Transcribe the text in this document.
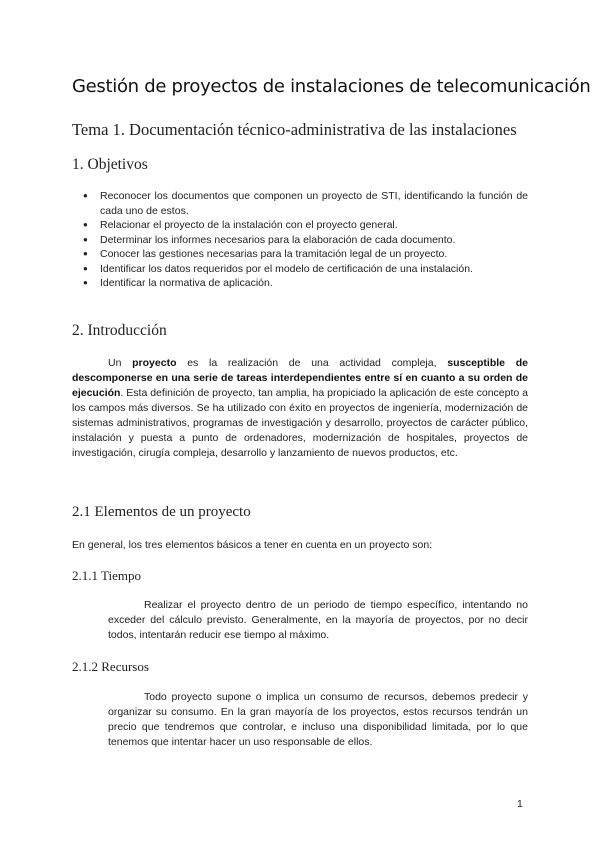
Gestión de proyectos de instalaciones de telecomunicación
Tema 1. Documentación técnico-administrativa de las instalaciones
1. Objetivos
● Reconocer los documentos que componen un proyecto de STI, identificando la función de cada uno de estos.
● Relacionar el proyecto de la instalación con el proyecto general.
● Determinar los informes necesarios para la elaboración de cada documento.
● Conocer las gestiones necesarias para la tramitación legal de un proyecto.
● Identificar los datos requeridos por el modelo de certificación de una instalación.
● Identificar la normativa de aplicación.
2. Introducción

Un proyecto es la realización de una actividad compleja, susceptible de descomponerse en una serie de tareas interdependientes entre sí en cuanto a su orden de ejecución. Esta definición de proyecto, tan amplia, ha propiciado la aplicación de este concepto a los campos más diversos. Se ha utilizado con éxito en proyectos de ingeniería, modernización de sistemas administrativos, programas de investigación y desarrollo, proyectos de carácter público, instalación y puesta a punto de ordenadores, modernización de hospitales, proyectos de investigación, cirugía compleja, desarrollo y lanzamiento de nuevos productos, etc.

2.1 Elementos de un proyecto

En general, los tres elementos básicos a tener en cuenta en un proyecto son:

2.1.1 Tiempo

Realizar el proyecto dentro de un periodo de tiempo específico, intentando no exceder del cálculo previsto. Generalmente, en la mayoría de proyectos, por no decir todos, intentarán reducir ese tiempo al máximo.

2.1.2 Recursos

Todo proyecto supone o implica un consumo de recursos, debemos predecir y organizar su consumo. En la gran mayoría de los proyectos, estos recursos tendrán un precio que tendremos que controlar, e incluso una disponibilidad limitada, por lo que tenemos que intentar hacer un uso responsable de ellos.

1
